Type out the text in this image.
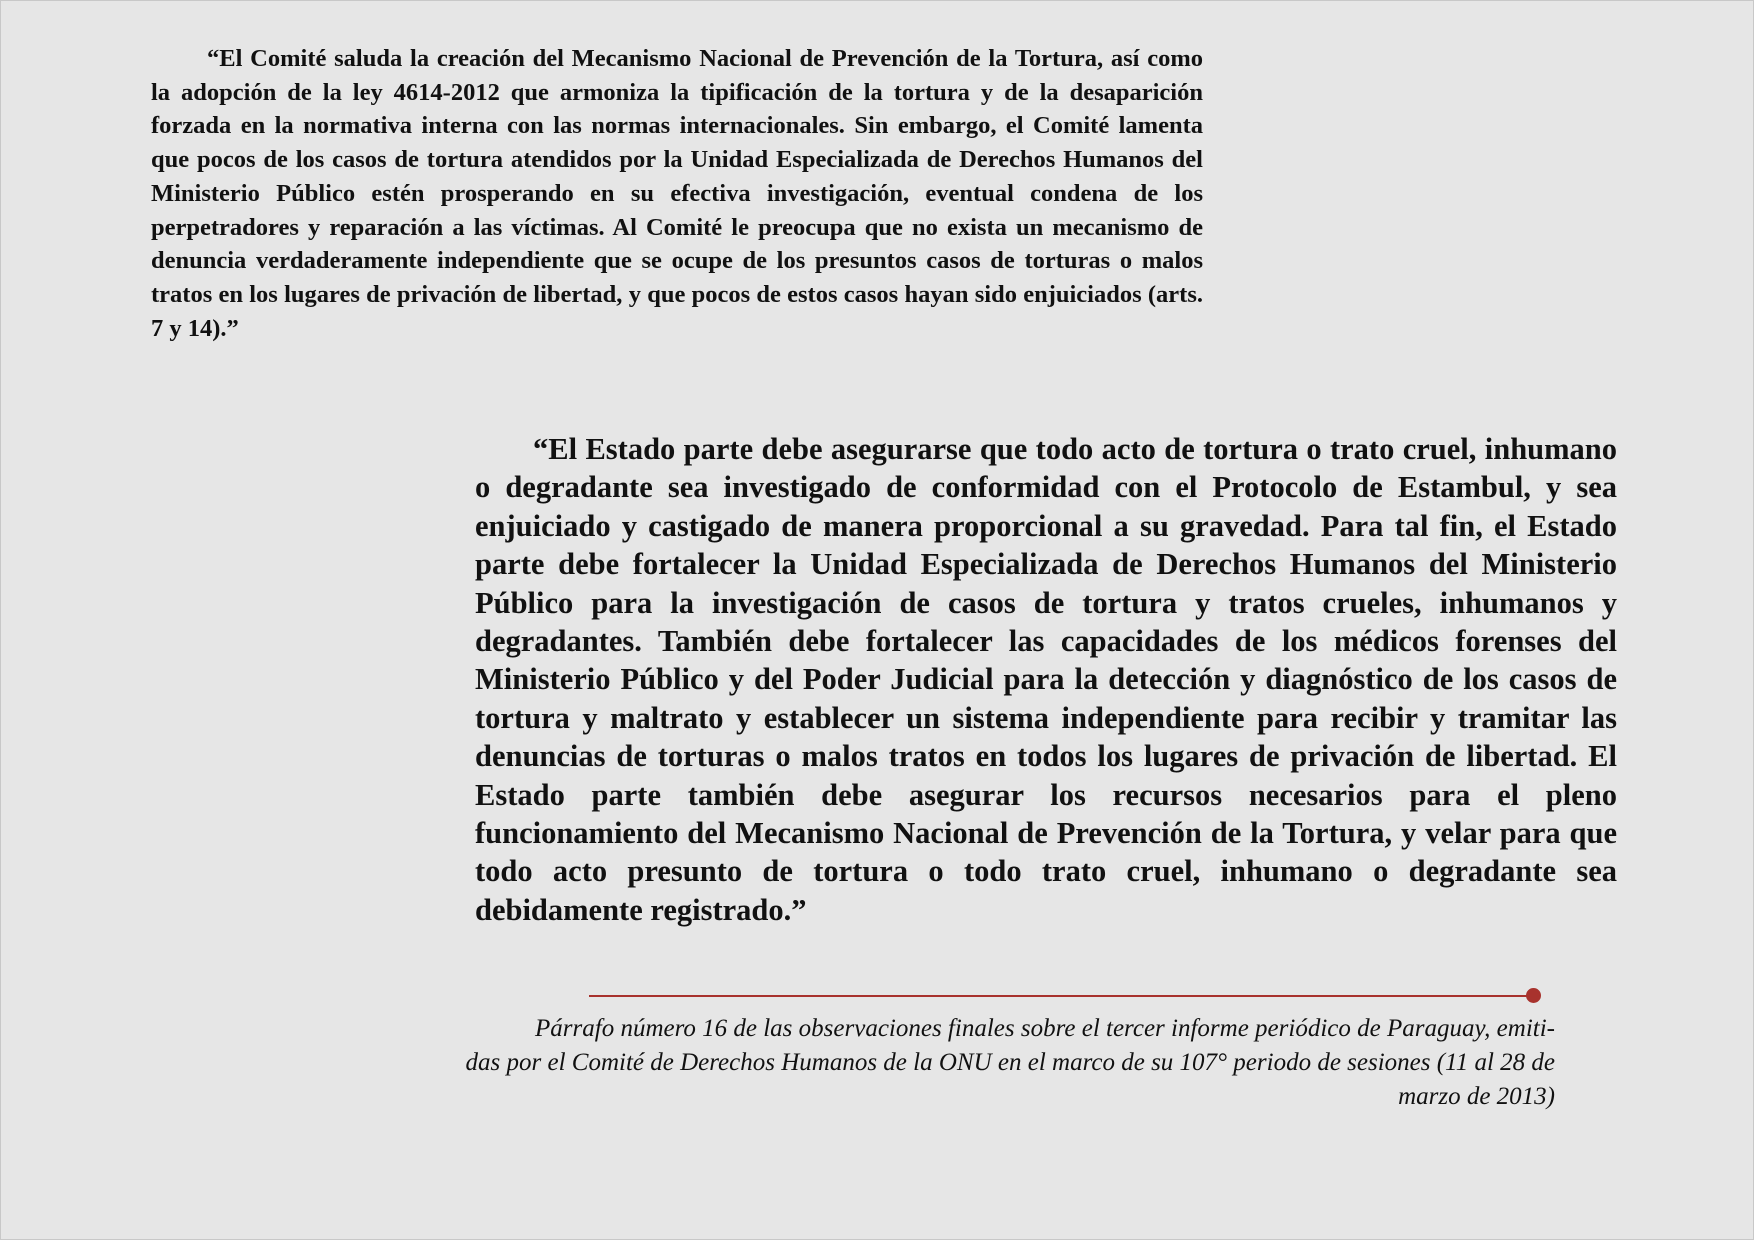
“El Comité saluda la creación del Mecanismo Nacional de Prevención de la Tortura, así como la adopción de la ley 4614-2012 que armoniza la tipificación de la tortura y de la desaparición forzada en la normativa interna con las normas internacionales. Sin embargo, el Comité lamenta que pocos de los casos de tortura atendidos por la Unidad Especializada de Derechos Humanos del Ministerio Público estén prosperando en su efectiva investigación, eventual condena de los perpetradores y reparación a las víctimas. Al Comité le preocupa que no exista un mecanismo de denuncia verdaderamente independiente que se ocupe de los presuntos casos de torturas o malos tratos en los lugares de privación de libertad, y que pocos de estos casos hayan sido enjuiciados (arts. 7 y 14).”

“El Estado parte debe asegurarse que todo acto de tortura o trato cruel, inhumano o degradante sea investigado de conformidad con el Protocolo de Estambul, y sea enjuiciado y castigado de manera proporcional a su gravedad. Para tal fin, el Estado parte debe fortalecer la Unidad Especializada de Derechos Humanos del Ministerio Público para la investigación de casos de tortura y tratos crueles, inhumanos y degradantes. También debe fortalecer las capacidades de los médicos forenses del Ministerio Público y del Poder Judicial para la detección y diagnóstico de los casos de tortura y maltrato y establecer un sistema independiente para recibir y tramitar las denuncias de torturas o malos tratos en todos los lugares de privación de libertad. El Estado parte también debe asegurar los recursos necesarios para el pleno funcionamiento del Mecanismo Nacional de Prevención de la Tortura, y velar para que todo acto presunto de tortura o todo trato cruel, inhumano o degradante sea debidamente registrado.”

Párrafo número 16 de las observaciones finales sobre el tercer informe periódico de Paraguay, emiti-
das por el Comité de Derechos Humanos de la ONU en el marco de su 107° periodo de sesiones (11 al 28 de
marzo de 2013)
